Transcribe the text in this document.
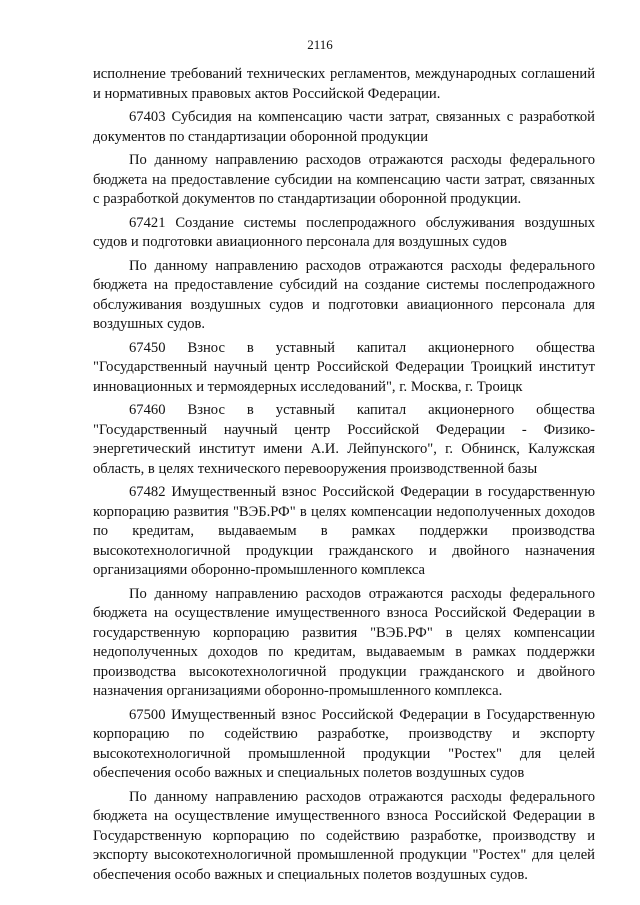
2116

исполнение требований технических регламентов, международных соглашений и нормативных правовых актов Российской Федерации.

67403 Субсидия на компенсацию части затрат, связанных с разработкой документов по стандартизации оборонной продукции

По данному направлению расходов отражаются расходы федерального бюджета на предоставление субсидии на компенсацию части затрат, связанных с разработкой документов по стандартизации оборонной продукции.

67421 Создание системы послепродажного обслуживания воздушных судов и подготовки авиационного персонала для воздушных судов

По данному направлению расходов отражаются расходы федерального бюджета на предоставление субсидий на создание системы послепродажного обслуживания воздушных судов и подготовки авиационного персонала для воздушных судов.

67450 Взнос в уставный капитал акционерного общества "Государственный научный центр Российской Федерации Троицкий институт инновационных и термоядерных исследований", г. Москва, г. Троицк

67460 Взнос в уставный капитал акционерного общества "Государственный научный центр Российской Федерации - Физико-энергетический институт имени А.И. Лейпунского", г. Обнинск, Калужская область, в целях технического перевооружения производственной базы

67482 Имущественный взнос Российской Федерации в государственную корпорацию развития "ВЭБ.РФ" в целях компенсации недополученных доходов по кредитам, выдаваемым в рамках поддержки производства высокотехнологичной продукции гражданского и двойного назначения организациями оборонно-промышленного комплекса

По данному направлению расходов отражаются расходы федерального бюджета на осуществление имущественного взноса Российской Федерации в государственную корпорацию развития "ВЭБ.РФ" в целях компенсации недополученных доходов по кредитам, выдаваемым в рамках поддержки производства высокотехнологичной продукции гражданского и двойного назначения организациями оборонно-промышленного комплекса.

67500 Имущественный взнос Российской Федерации в Государственную корпорацию по содействию разработке, производству и экспорту высокотехнологичной промышленной продукции "Ростех" для целей обеспечения особо важных и специальных полетов воздушных судов

По данному направлению расходов отражаются расходы федерального бюджета на осуществление имущественного взноса Российской Федерации в Государственную корпорацию по содействию разработке, производству и экспорту высокотехнологичной промышленной продукции "Ростех" для целей обеспечения особо важных и специальных полетов воздушных судов.
